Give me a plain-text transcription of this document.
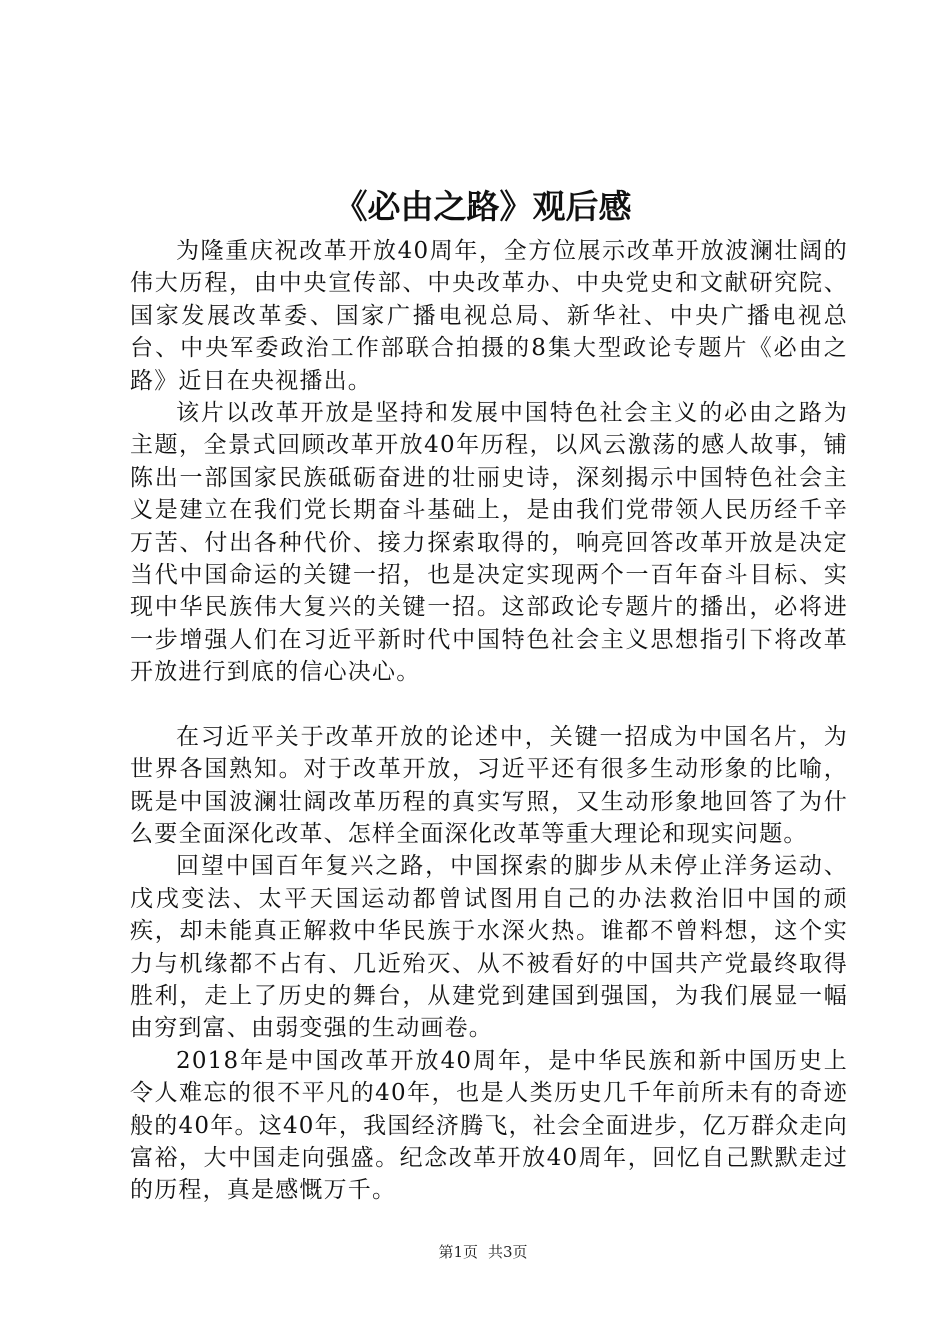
《必由之路》观后感

为隆重庆祝改革开放40周年，全方位展示改革开放波澜壮阔的伟大历程，由中央宣传部、中央改革办、中央党史和文献研究院、国家发展改革委、国家广播电视总局、新华社、中央广播电视总台、中央军委政治工作部联合拍摄的8集大型政论专题片《必由之路》近日在央视播出。

该片以改革开放是坚持和发展中国特色社会主义的必由之路为主题，全景式回顾改革开放40年历程，以风云激荡的感人故事，铺陈出一部国家民族砥砺奋进的壮丽史诗，深刻揭示中国特色社会主义是建立在我们党长期奋斗基础上，是由我们党带领人民历经千辛万苦、付出各种代价、接力探索取得的，响亮回答改革开放是决定当代中国命运的关键一招，也是决定实现两个一百年奋斗目标、实现中华民族伟大复兴的关键一招。这部政论专题片的播出，必将进一步增强人们在习近平新时代中国特色社会主义思想指引下将改革开放进行到底的信心决心。

在习近平关于改革开放的论述中，关键一招成为中国名片，为世界各国熟知。对于改革开放，习近平还有很多生动形象的比喻，既是中国波澜壮阔改革历程的真实写照，又生动形象地回答了为什么要全面深化改革、怎样全面深化改革等重大理论和现实问题。

回望中国百年复兴之路，中国探索的脚步从未停止洋务运动、戊戌变法、太平天国运动都曾试图用自己的办法救治旧中国的顽疾，却未能真正解救中华民族于水深火热。谁都不曾料想，这个实力与机缘都不占有、几近殆灭、从不被看好的中国共产党最终取得胜利，走上了历史的舞台，从建党到建国到强国，为我们展显一幅由穷到富、由弱变强的生动画卷。

2018年是中国改革开放40周年，是中华民族和新中国历史上令人难忘的很不平凡的40年，也是人类历史几千年前所未有的奇迹般的40年。这40年，我国经济腾飞，社会全面进步，亿万群众走向富裕，大中国走向强盛。纪念改革开放40周年，回忆自己默默走过的历程，真是感慨万千。

第1页 共3页
